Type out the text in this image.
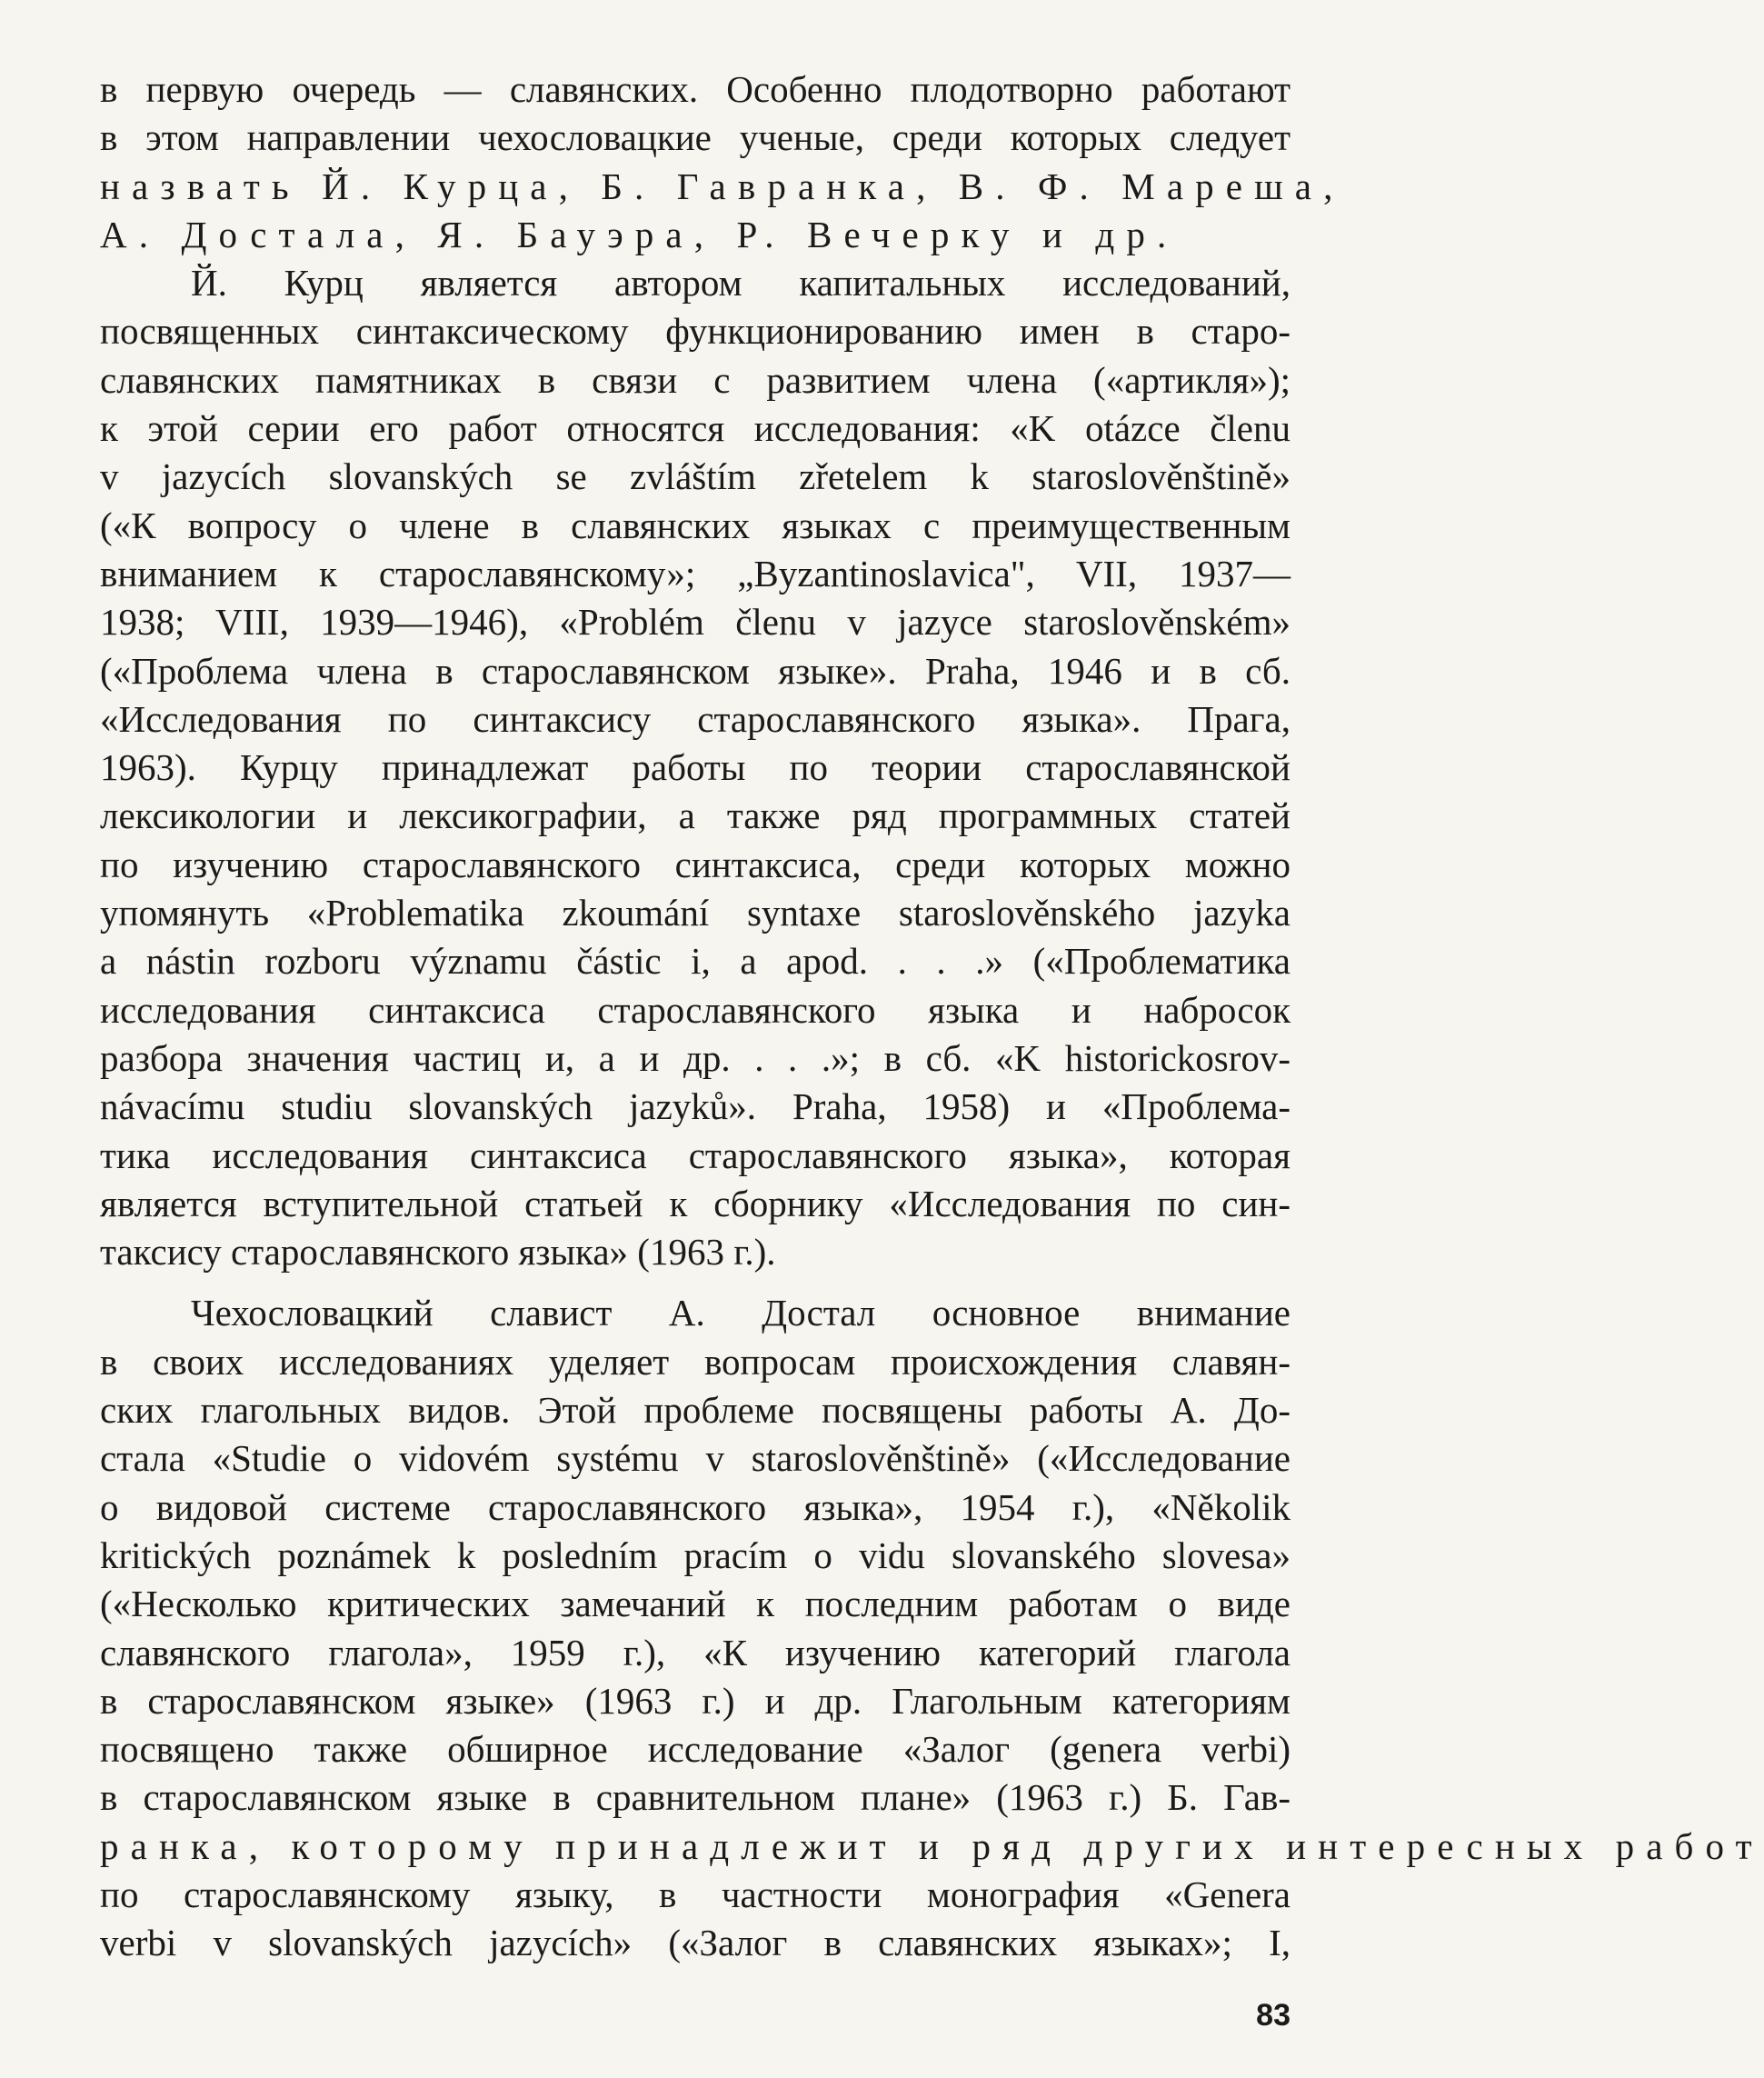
в первую очередь — славянских. Особенно плодотворно работают
в этом направлении чехословацкие ученые, среди которых следует
назвать Й. Курца, Б. Гавранка, В. Ф. Мареша,
А. Достала, Я. Бауэра, Р. Вечерку и др.
Й. Курц является автором капитальных исследований,
посвященных синтаксическому функционированию имен в старо-
славянских памятниках в связи с развитием члена («артикля»);
к этой серии его работ относятся исследования: «K otázce členu
v jazycích slovanských se zvláštím zřetelem k staroslověnštině»
(«К вопросу о члене в славянских языках с преимущественным
вниманием к старославянскому»; „Byzantinoslavica", VII, 1937—
1938; VIII, 1939—1946), «Problém členu v jazyce staroslověnském»
(«Проблема члена в старославянском языке». Praha, 1946 и в сб.
«Исследования по синтаксису старославянского языка». Прага,
1963). Курцу принадлежат работы по теории старославянской
лексикологии и лексикографии, а также ряд программных статей
по изучению старославянского синтаксиса, среди которых можно
упомянуть «Problematika zkoumání syntaxe staroslověnského jazyka
a nástin rozboru významu částic i, a apod. . . .» («Проблематика
исследования синтаксиса старославянского языка и набросок
разбора значения частиц и, а и др. . . .»; в сб. «K historickosrov-
návacímu studiu slovanských jazyků». Praha, 1958) и «Проблема-
тика исследования синтаксиса старославянского языка», которая
является вступительной статьей к сборнику «Исследования по син-
таксису старославянского языка» (1963 г.).
Чехословацкий славист А. Достал основное внимание
в своих исследованиях уделяет вопросам происхождения славян-
ских глагольных видов. Этой проблеме посвящены работы А. До-
стала «Studie o vidovém systému v staroslověnštině» («Исследование
о видовой системе старославянского языка», 1954 г.), «Několik
kritických poznámek k posledním pracím o vidu slovanského slovesa»
(«Несколько критических замечаний к последним работам о виде
славянского глагола», 1959 г.), «К изучению категорий глагола
в старославянском языке» (1963 г.) и др. Глагольным категориям
посвящено также обширное исследование «Залог (genera verbi)
в старославянском языке в сравнительном плане» (1963 г.) Б. Гав-
ранка, которому принадлежит и ряд других интересных работ
по старославянскому языку, в частности монография «Genera
verbi v slovanských jazycích» («Залог в славянских языках»; I,
83
